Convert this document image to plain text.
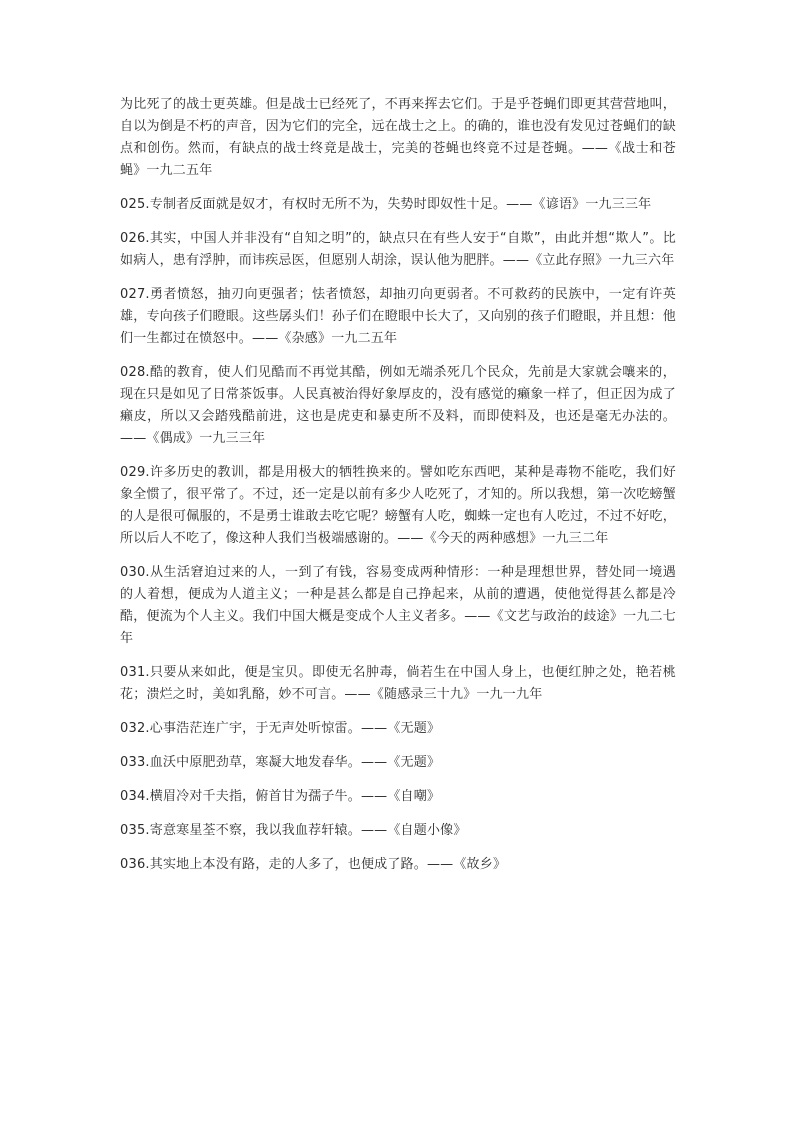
为比死了的战士更英雄。但是战士已经死了，不再来挥去它们。于是乎苍蝇们即更其营营地叫，自以为倒是不朽的声音，因为它们的完全，远在战士之上。的确的，谁也没有发见过苍蝇们的缺点和创伤。然而，有缺点的战士终竟是战士，完美的苍蝇也终竟不过是苍蝇。——《战士和苍蝇》一九二五年

025.专制者反面就是奴才，有权时无所不为，失势时即奴性十足。——《谚语》一九三三年

026.其实，中国人并非没有“自知之明”的，缺点只在有些人安于“自欺”，由此并想“欺人”。比如病人，患有浮肿，而讳疾忌医，但愿别人胡涂，误认他为肥胖。——《立此存照》一九三六年

027.勇者愤怒，抽刃向更强者；怯者愤怒，却抽刃向更弱者。不可救药的民族中，一定有许英雄，专向孩子们瞪眼。这些孱头们！孙子们在瞪眼中长大了，又向别的孩子们瞪眼，并且想：他们一生都过在愤怒中。——《杂感》一九二五年

028.酷的教育，使人们见酷而不再觉其酷，例如无端杀死几个民众，先前是大家就会嚷来的，现在只是如见了日常茶饭事。人民真被治得好象厚皮的，没有感觉的癞象一样了，但正因为成了癞皮，所以又会踏残酷前进，这也是虎吏和暴吏所不及料，而即使料及，也还是毫无办法的。——《偶成》一九三三年

029.许多历史的教训，都是用极大的牺牲换来的。譬如吃东西吧，某种是毒物不能吃，我们好象全惯了，很平常了。不过，还一定是以前有多少人吃死了，才知的。所以我想，第一次吃螃蟹的人是很可佩服的，不是勇士谁敢去吃它呢？螃蟹有人吃，蜘蛛一定也有人吃过，不过不好吃，所以后人不吃了，像这种人我们当极端感谢的。——《今天的两种感想》一九三二年

030.从生活窘迫过来的人，一到了有钱，容易变成两种情形：一种是理想世界，替处同一境遇的人着想，便成为人道主义；一种是甚么都是自己挣起来，从前的遭遇，使他觉得甚么都是冷酷，便流为个人主义。我们中国大概是变成个人主义者多。——《文艺与政治的歧途》一九二七年

031.只要从来如此，便是宝贝。即使无名肿毒，倘若生在中国人身上，也便红肿之处，艳若桃花；溃烂之时，美如乳酪，妙不可言。——《随感录三十九》一九一九年

032.心事浩茫连广宇，于无声处听惊雷。——《无题》

033.血沃中原肥劲草，寒凝大地发春华。——《无题》

034.横眉冷对千夫指，俯首甘为孺子牛。——《自嘲》

035.寄意寒星荃不察，我以我血荐轩辕。——《自题小像》

036.其实地上本没有路，走的人多了，也便成了路。——《故乡》
